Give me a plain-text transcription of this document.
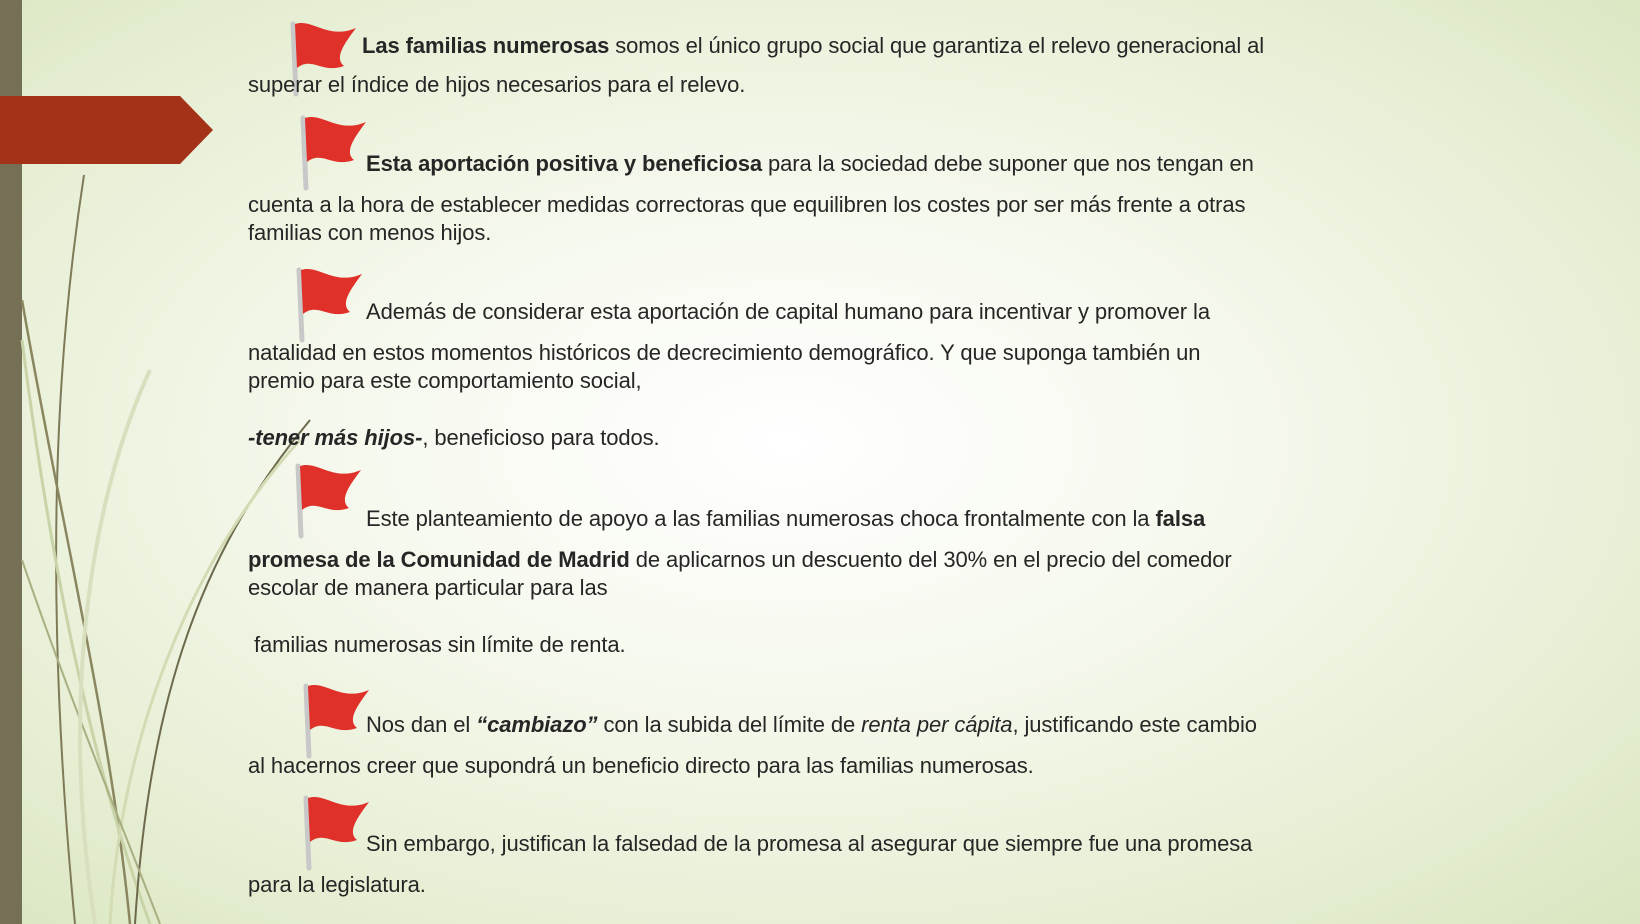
Las familias numerosas somos el único grupo social que garantiza el relevo generacional al

superar el índice de hijos necesarios para el relevo.

Esta aportación positiva y beneficiosa para la sociedad debe suponer que nos tengan en

cuenta a la hora de establecer medidas correctoras que equilibren los costes por ser más frente a otras

familias con menos hijos.

Además de considerar esta aportación de capital humano para incentivar y promover la

natalidad en estos momentos históricos de decrecimiento demográfico. Y que suponga también un

premio para este comportamiento social,

-tener más hijos-, beneficioso para todos.

Este planteamiento de apoyo a las familias numerosas choca frontalmente con la falsa

promesa de la Comunidad de Madrid de aplicarnos un descuento del 30% en el precio del comedor

escolar de manera particular para las

familias numerosas sin límite de renta.

Nos dan el “cambiazo” con la subida del límite de renta per cápita, justificando este cambio

al hacernos creer que supondrá un beneficio directo para las familias numerosas.

Sin embargo, justifican la falsedad de la promesa al asegurar que siempre fue una promesa

para la legislatura.
